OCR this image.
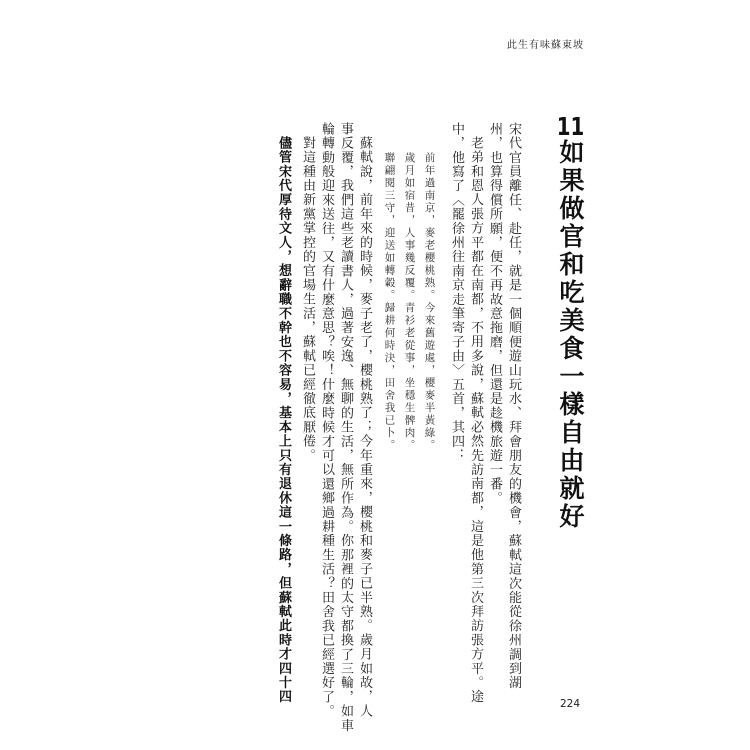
此生有味蘇東坡
11如果做官和吃美食一樣自由就好
宋代官員離任、赴任，就是一個順便遊山玩水、拜會朋友的機會，蘇軾這次能從徐州調到湖
州，也算得償所願，便不再故意拖磨，但還是趁機旅遊一番。
老弟和恩人張方平都在南都，不用多說，蘇軾必然先訪南都，這是他第三次拜訪張方平。途
中，他寫了〈罷徐州往南京走筆寄子由〉五首，其四：
前年過南京，麥老櫻桃熟。今來舊遊處，櫻麥半黃綠。
歲月如宿昔，人事幾反覆。青衫老從事，坐穩生髀肉。
聯翩閱三守，迎送如轉轂。歸耕何時決，田舍我已卜。
蘇軾說，前年來的時候，麥子老了，櫻桃熟了；今年重來，櫻桃和麥子已半熟。歲月如故，人
事反覆，我們這些老讀書人，過著安逸、無聊的生活，無所作為。你那裡的太守都換了三輪，如車
輪轉動般迎來送往，又有什麼意思？唉！什麼時候才可以還鄉過耕種生活？田舍我已經選好了。
對這種由新黨掌控的官場生活，蘇軾已經徹底厭倦。
儘管宋代厚待文人，想辭職不幹也不容易，基本上只有退休這一條路，但蘇軾此時才四十四	224
